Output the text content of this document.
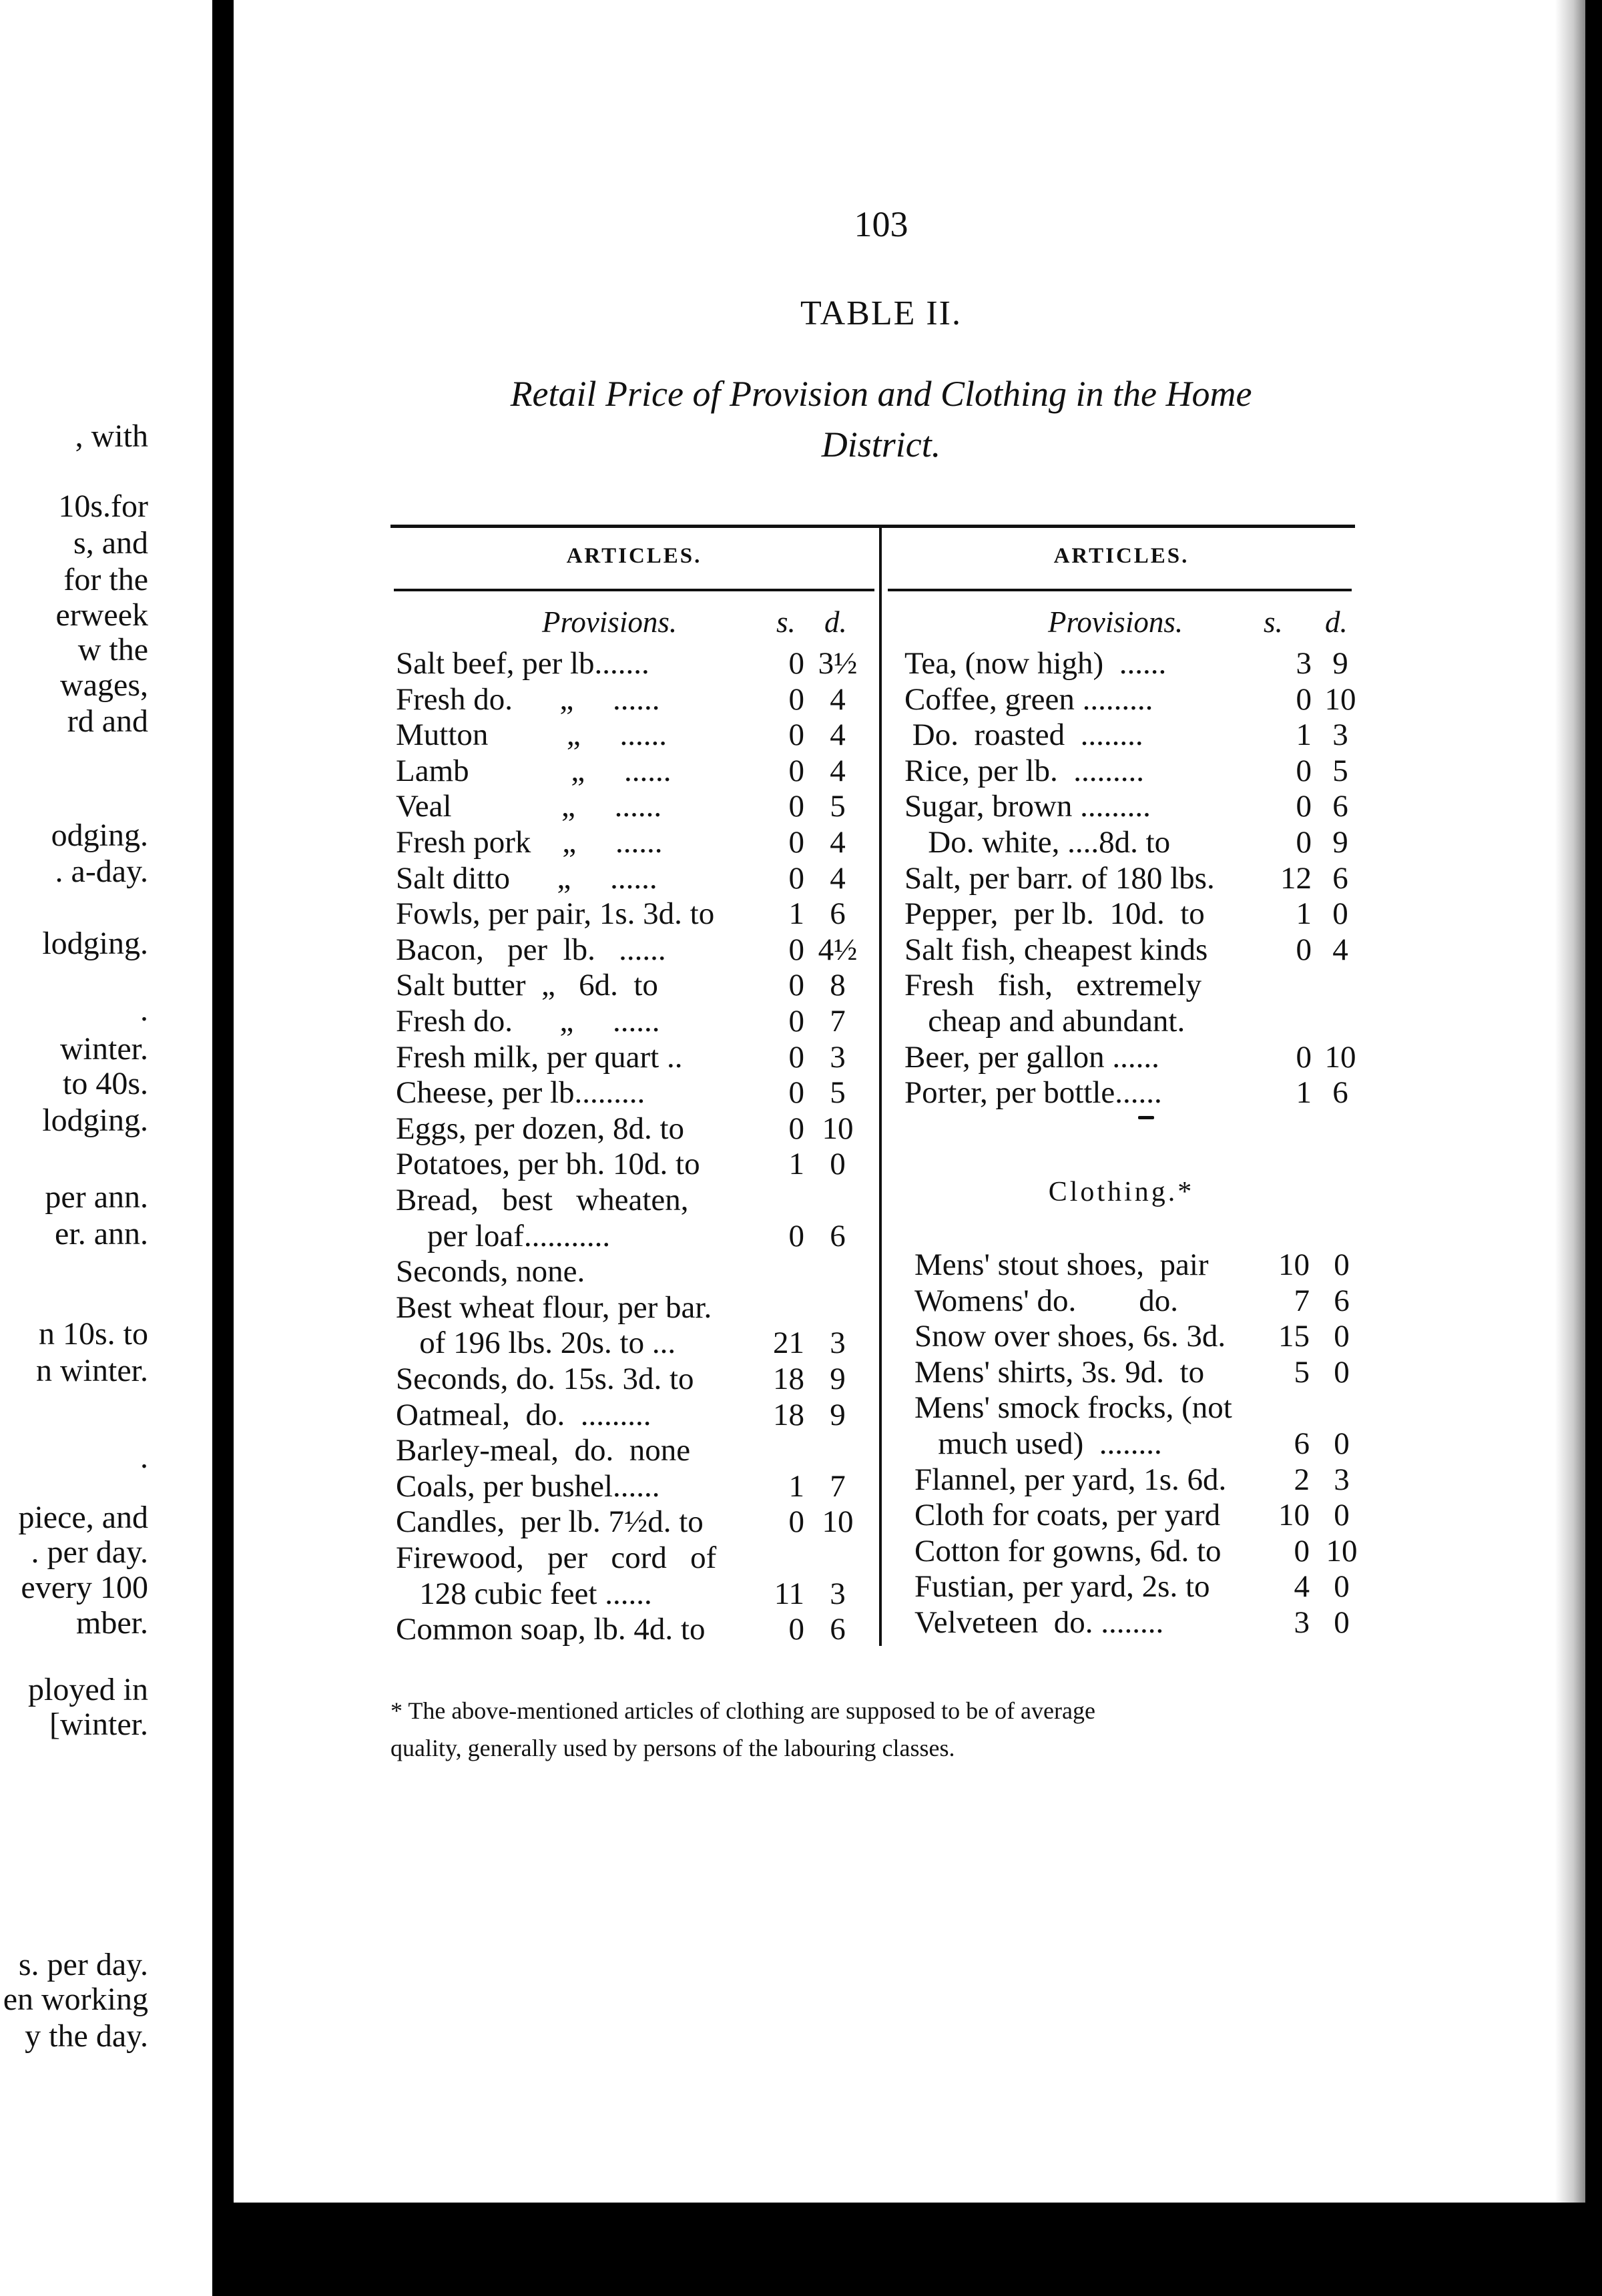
, with
10s.for
s, and
for the
erweek
w the
wages,
rd and
odging.
. a-day.
lodging.
.
winter.
to 40s.
lodging.
per ann.
er. ann.
n 10s. to
n winter.
.
piece, and
. per day.
every 100
mber.
ployed in
[winter.
s. per day.
en working
y the day.
103
TABLE II.
Retail Price of Provision and Clothing in the Home
District.
ARTICLES.	ARTICLES.
Provisions.	s. d.	Provisions.	s. d.
Salt beef, per lb.......	0 3½
Fresh do.      „     ......	0 4
Mutton          „     ......	0 4
Lamb             „     ......	0 4
Veal              „     ......	0 5
Fresh pork    „     ......	0 4
Salt ditto      „     ......	0 4
Fowls, per pair, 1s. 3d. to	1 6
Bacon,   per  lb.   ......	0 4½
Salt butter  „   6d.  to	0 8
Fresh do.      „     ......	0 7
Fresh milk, per quart ..	0 3
Cheese, per lb.........	0 5
Eggs, per dozen, 8d. to	0 10
Potatoes, per bh. 10d. to	1 0
Bread,   best   wheaten,
per loaf...........	0 6
Seconds, none.
Best wheat flour, per bar.
of 196 lbs. 20s. to ...	21 3
Seconds, do. 15s. 3d. to	18 9
Oatmeal,  do.  .........	18 9
Barley-meal,  do.  none
Coals, per bushel......	1 7
Candles,  per lb. 7½d. to	0 10
Firewood,   per   cord   of
128 cubic feet ......	11 3
Common soap, lb. 4d. to	0 6
Tea, (now high)  ......	3 9
Coffee, green .........	0 10
Do.  roasted  ........	1 3
Rice, per lb.  .........	0 5
Sugar, brown .........	0 6
Do. white, ....8d. to	0 9
Salt, per barr. of 180 lbs.	12 6
Pepper,  per lb.  10d.  to	1 0
Salt fish, cheapest kinds	0 4
Fresh   fish,   extremely
cheap and abundant.
Beer, per gallon ......	0 10
Porter, per bottle......	1 6
Clothing.*
Mens' stout shoes,  pair	10 0
Womens' do.        do.	7 6
Snow over shoes, 6s. 3d.	15 0
Mens' shirts, 3s. 9d.  to	5 0
Mens' smock frocks, (not
much used)  ........	6 0
Flannel, per yard, 1s. 6d.	2 3
Cloth for coats, per yard	10 0
Cotton for gowns, 6d. to	0 10
Fustian, per yard, 2s. to	4 0
Velveteen  do. ........	3 0
* The above-mentioned articles of clothing are supposed to be of average
quality, generally used by persons of the labouring classes.
